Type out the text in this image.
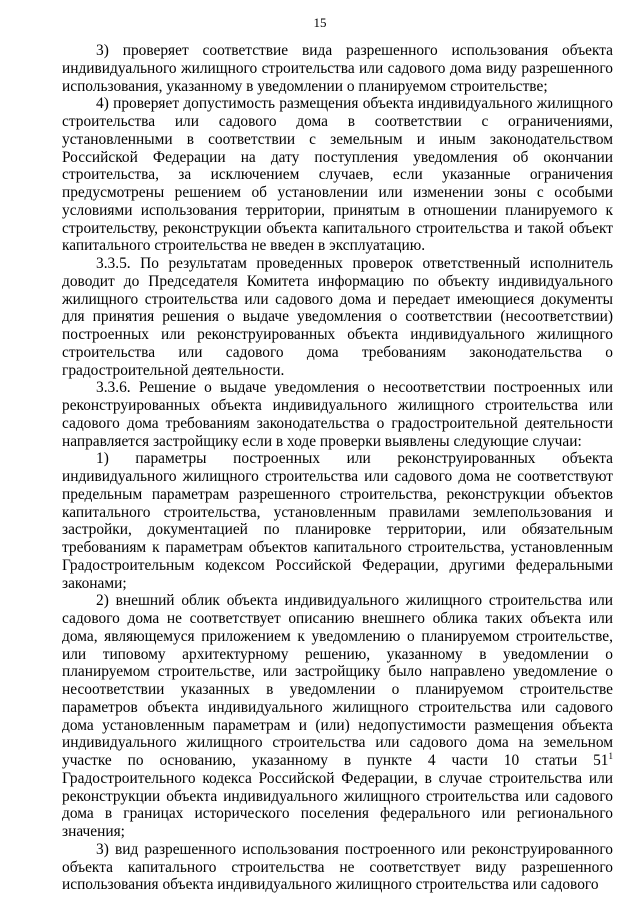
15

3) проверяет соответствие вида разрешенного использования объекта индивидуального жилищного строительства или садового дома виду разрешенного использования, указанному в уведомлении о планируемом строительстве;

4) проверяет допустимость размещения объекта индивидуального жилищного строительства или садового дома в соответствии с ограничениями, установленными в соответствии с земельным и иным законодательством Российской Федерации на дату поступления уведомления об окончании строительства, за исключением случаев, если указанные ограничения предусмотрены решением об установлении или изменении зоны с особыми условиями использования территории, принятым в отношении планируемого к строительству, реконструкции объекта капитального строительства и такой объект капитального строительства не введен в эксплуатацию.

3.3.5. По результатам проведенных проверок ответственный исполнитель доводит до Председателя Комитета информацию по объекту индивидуального жилищного строительства или садового дома и передает имеющиеся документы для принятия решения о выдаче уведомления о соответствии (несоответствии) построенных или реконструированных объекта индивидуального жилищного строительства или садового дома требованиям законодательства о градостроительной деятельности.

3.3.6. Решение о выдаче уведомления о несоответствии построенных или реконструированных объекта индивидуального жилищного строительства или садового дома требованиям законодательства о градостроительной деятельности направляется застройщику если в ходе проверки выявлены следующие случаи:

1) параметры построенных или реконструированных объекта индивидуального жилищного строительства или садового дома не соответствуют предельным параметрам разрешенного строительства, реконструкции объектов капитального строительства, установленным правилами землепользования и застройки, документацией по планировке территории, или обязательным требованиям к параметрам объектов капитального строительства, установленным Градостроительным кодексом Российской Федерации, другими федеральными законами;

2) внешний облик объекта индивидуального жилищного строительства или садового дома не соответствует описанию внешнего облика таких объекта или дома, являющемуся приложением к уведомлению о планируемом строительстве, или типовому архитектурному решению, указанному в уведомлении о планируемом строительстве, или застройщику было направлено уведомление о несоответствии указанных в уведомлении о планируемом строительстве параметров объекта индивидуального жилищного строительства или садового дома установленным параметрам и (или) недопустимости размещения объекта индивидуального жилищного строительства или садового дома на земельном участке по основанию, указанному в пункте 4 части 10 статьи $51^1$ Градостроительного кодекса Российской Федерации, в случае строительства или реконструкции объекта индивидуального жилищного строительства или садового дома в границах исторического поселения федерального или регионального значения;

3) вид разрешенного использования построенного или реконструированного объекта капитального строительства не соответствует виду разрешенного использования объекта индивидуального жилищного строительства или садового
